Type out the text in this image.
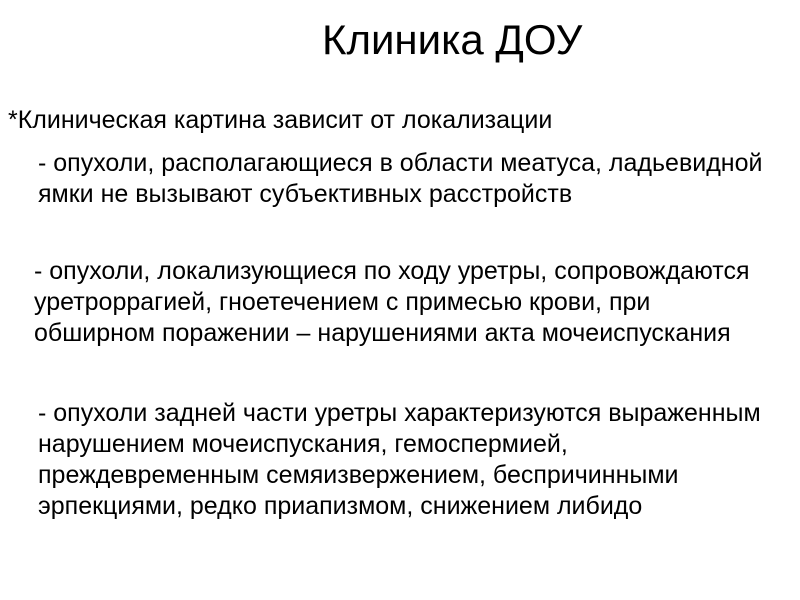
Клиника ДОУ

*Клиническая картина зависит от локализации

- опухоли, располагающиеся в области меатуса, ладьевидной ямки не вызывают субъективных расстройств

- опухоли, локализующиеся по ходу уретры, сопровождаются уретроррагией, гноетечением с примесью крови, при обширном поражении – нарушениями акта мочеиспускания

- опухоли задней части уретры характеризуются выраженным нарушением мочеиспускания, гемоспермией, преждевременным семяизвержением, беспричинными эрпекциями, редко приапизмом, снижением либидо
